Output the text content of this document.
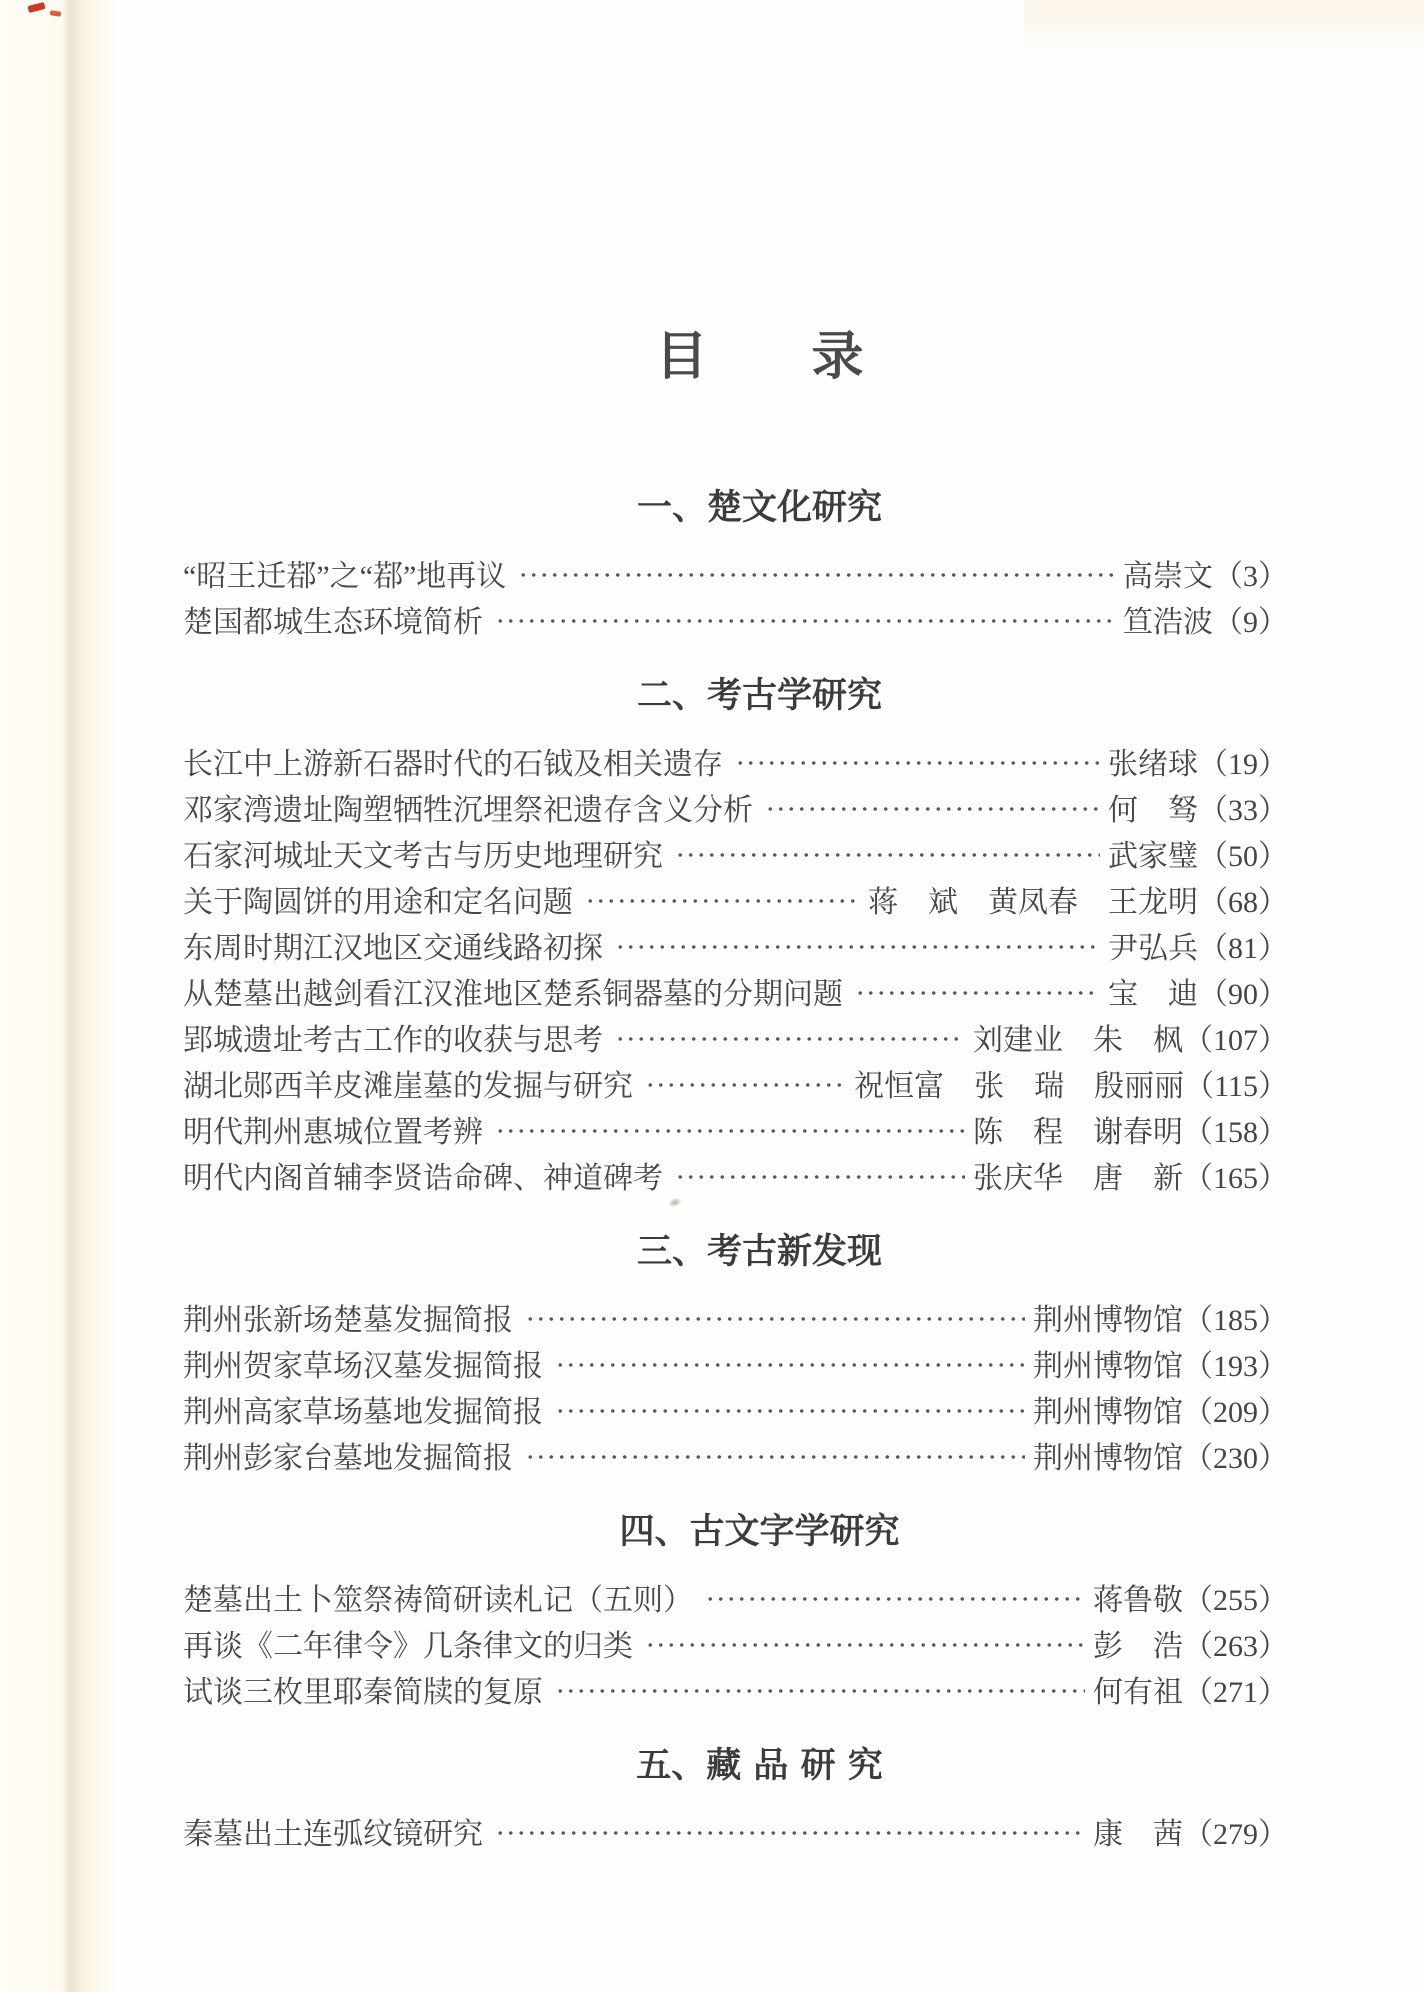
目　　录
一、楚文化研究
“昭王迁鄀”之“鄀”地再议	高崇文（3）
楚国都城生态环境简析	笪浩波（9）
二、考古学研究
长江中上游新石器时代的石钺及相关遗存	张绪球（19）
邓家湾遗址陶塑牺牲沉埋祭祀遗存含义分析	何　驽（33）
石家河城址天文考古与历史地理研究	武家璧（50）
关于陶圆饼的用途和定名问题	蒋　斌　黄凤春　王龙明（68）
东周时期江汉地区交通线路初探	尹弘兵（81）
从楚墓出越剑看江汉淮地区楚系铜器墓的分期问题	宝　迪（90）
郢城遗址考古工作的收获与思考	刘建业　朱　枫（107）
湖北郧西羊皮滩崖墓的发掘与研究	祝恒富　张　瑞　殷丽丽（115）
明代荆州惠城位置考辨	陈　程　谢春明（158）
明代内阁首辅李贤诰命碑、神道碑考	张庆华　唐　新（165）
三、考古新发现
荆州张新场楚墓发掘简报	荆州博物馆（185）
荆州贺家草场汉墓发掘简报	荆州博物馆（193）
荆州高家草场墓地发掘简报	荆州博物馆（209）
荆州彭家台墓地发掘简报	荆州博物馆（230）
四、古文字学研究
楚墓出土卜筮祭祷简研读札记（五则）	蒋鲁敬（255）
再谈《二年律令》几条律文的归类	彭　浩（263）
试谈三枚里耶秦简牍的复原	何有祖（271）
五、藏 品 研 究
秦墓出土连弧纹镜研究	康　茜（279）
